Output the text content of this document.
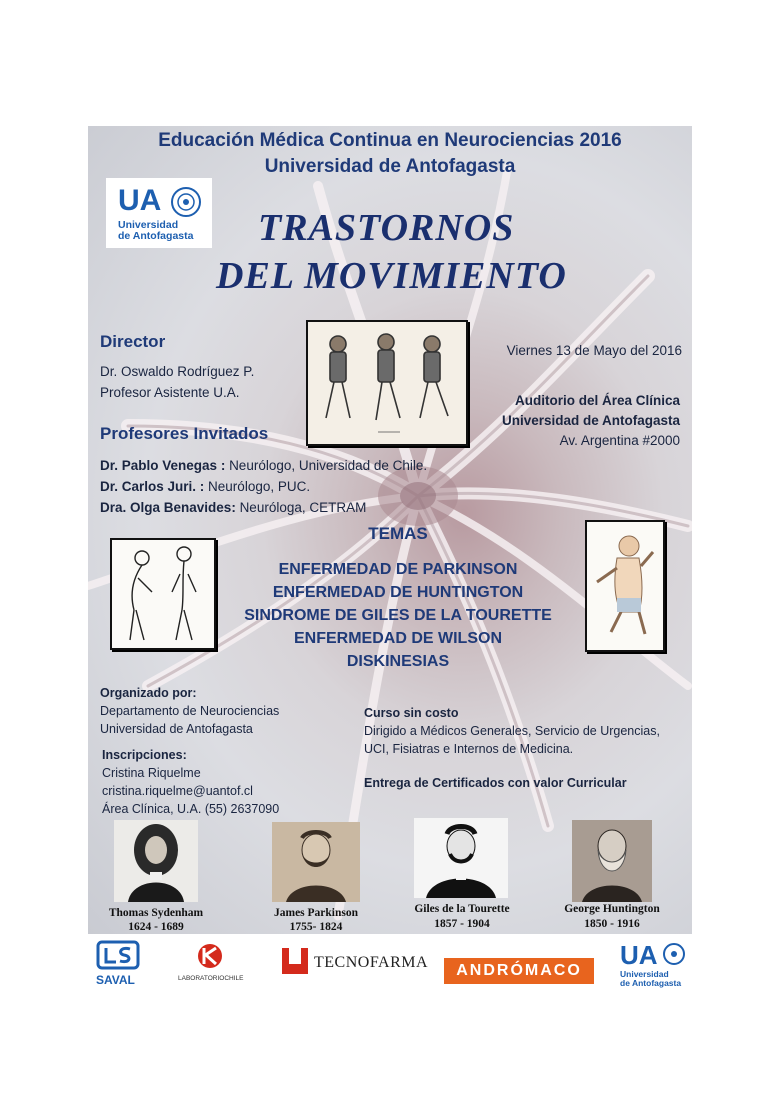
Educación Médica Continua en Neurociencias 2016
Universidad de Antofagasta
UA
Universidad
de Antofagasta TRASTORNOS
DEL MOVIMIENTO
Director
Dr. Oswaldo Rodríguez P.
Profesor Asistente U.A.
Viernes 13 de Mayo del 2016
Auditorio del Área Clínica
Universidad de Antofagasta
Av. Argentina #2000
Profesores Invitados
Dr. Pablo Venegas : Neurólogo, Universidad de Chile.
Dr. Carlos Juri. : Neurólogo, PUC.
Dra. Olga Benavides: Neuróloga, CETRAM
TEMAS
ENFERMEDAD DE PARKINSON
ENFERMEDAD DE HUNTINGTON
SINDROME DE GILES DE LA TOURETTE
ENFERMEDAD DE WILSON
DISKINESIAS
Organizado por:
Departamento de Neurociencias
Universidad de Antofagasta
Inscripciones:
Cristina Riquelme
cristina.riquelme@uantof.cl
Área Clínica, U.A. (55) 2637090
Curso sin costo
Dirigido a Médicos Generales, Servicio de Urgencias,
UCI, Fisiatras e Internos de Medicina.
Entrega de Certificados con valor Curricular
Thomas Sydenham
1624 - 1689
James Parkinson
1755- 1824
Giles de la Tourette
1857 - 1904
George Huntington
1850 - 1916
SAVAL	LABORATORIOCHILE
TECNOFARMA	ANDRÓMACO
UA
Universidad
de Antofagasta
